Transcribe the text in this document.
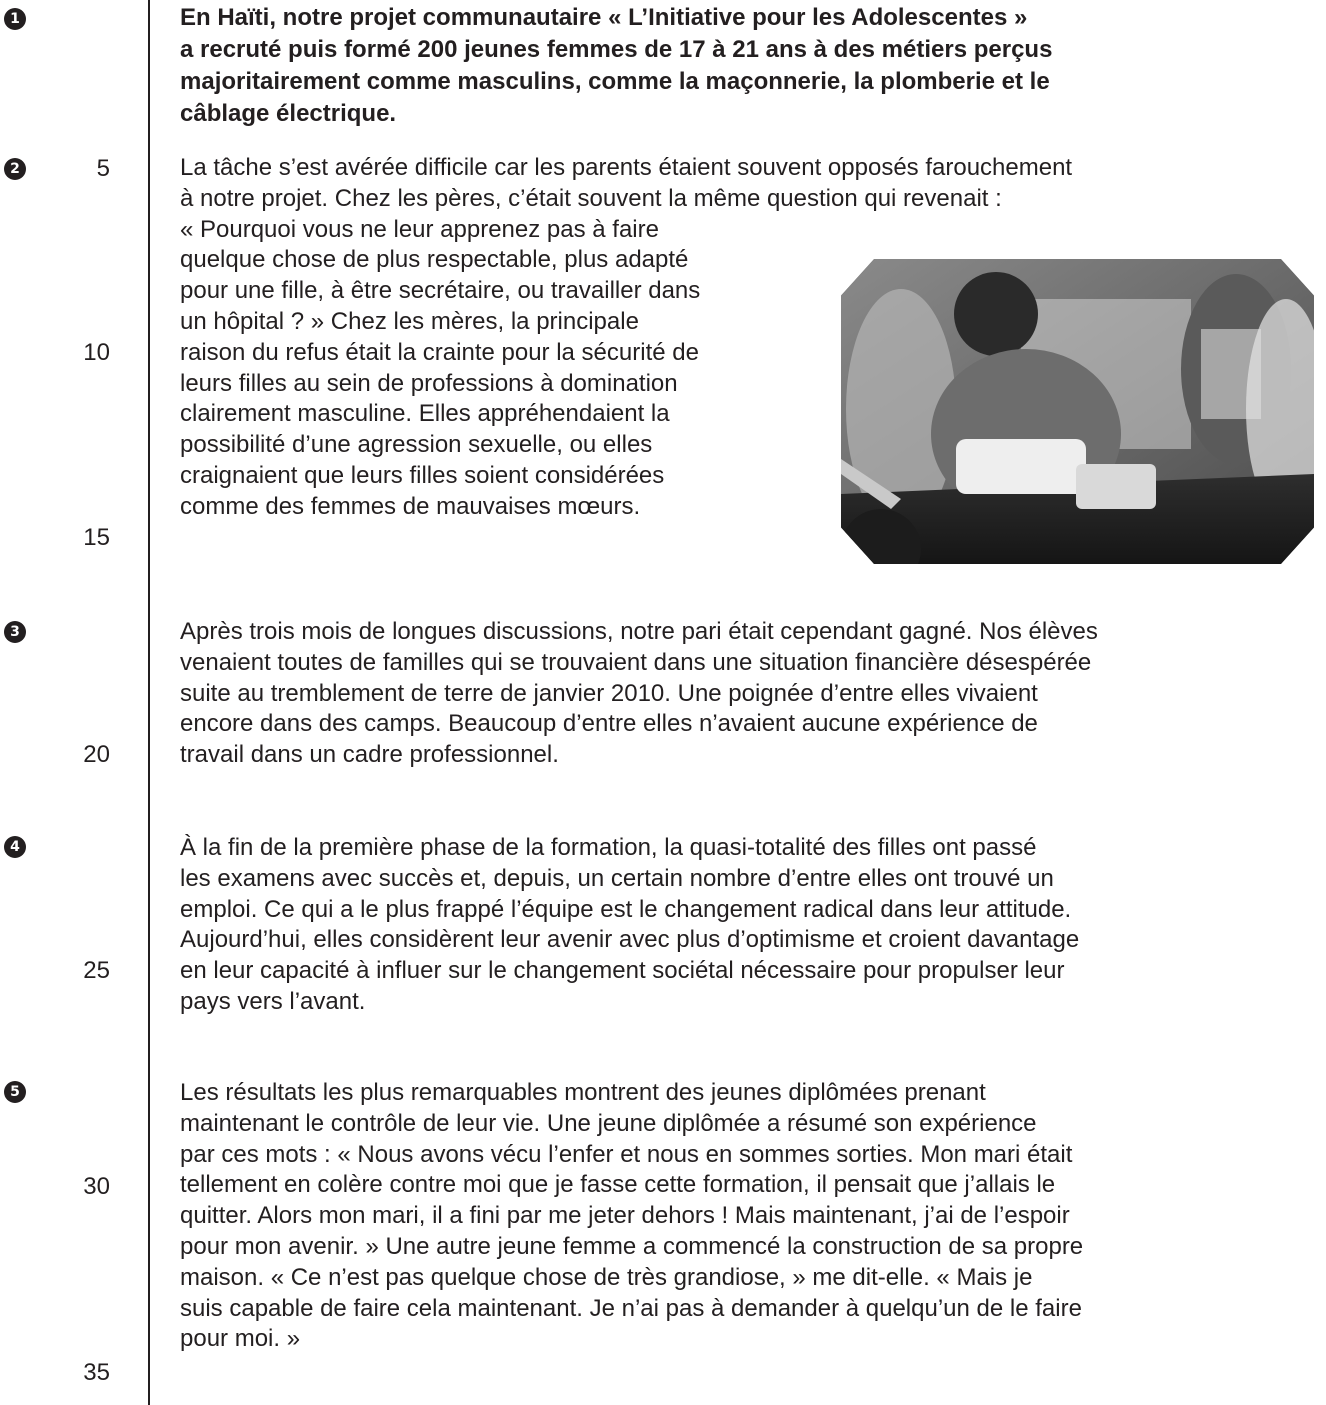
1
2
3
4
5
5
10
15
20
25
30
35
En Haïti, notre projet communautaire « L’Initiative pour les Adolescentes »
a recruté puis formé 200 jeunes femmes de 17 à 21 ans à des métiers perçus
majoritairement comme masculins, comme la maçonnerie, la plomberie et le
câblage électrique.
La tâche s’est avérée difficile car les parents étaient souvent opposés farouchement
à notre projet. Chez les pères, c’était souvent la même question qui revenait :
« Pourquoi vous ne leur apprenez pas à faire
quelque chose de plus respectable, plus adapté
pour une fille, à être secrétaire, ou travailler dans
un hôpital ? » Chez les mères, la principale
raison du refus était la crainte pour la sécurité de
leurs filles au sein de professions à domination
clairement masculine. Elles appréhendaient la
possibilité d’une agression sexuelle, ou elles
craignaient que leurs filles soient considérées
comme des femmes de mauvaises mœurs.
Après trois mois de longues discussions, notre pari était cependant gagné. Nos élèves
venaient toutes de familles qui se trouvaient dans une situation financière désespérée
suite au tremblement de terre de janvier 2010. Une poignée d’entre elles vivaient
encore dans des camps. Beaucoup d’entre elles n’avaient aucune expérience de
travail dans un cadre professionnel.
À la fin de la première phase de la formation, la quasi-totalité des filles ont passé
les examens avec succès et, depuis, un certain nombre d’entre elles ont trouvé un
emploi. Ce qui a le plus frappé l’équipe est le changement radical dans leur attitude.
Aujourd’hui, elles considèrent leur avenir avec plus d’optimisme et croient davantage
en leur capacité à influer sur le changement sociétal nécessaire pour propulser leur
pays vers l’avant.
Les résultats les plus remarquables montrent des jeunes diplômées prenant
maintenant le contrôle de leur vie. Une jeune diplômée a résumé son expérience
par ces mots : « Nous avons vécu l’enfer et nous en sommes sorties. Mon mari était
tellement en colère contre moi que je fasse cette formation, il pensait que j’allais le
quitter. Alors mon mari, il a fini par me jeter dehors ! Mais maintenant, j’ai de l’espoir
pour mon avenir. » Une autre jeune femme a commencé la construction de sa propre
maison. « Ce n’est pas quelque chose de très grandiose, » me dit-elle. « Mais je
suis capable de faire cela maintenant. Je n’ai pas à demander à quelqu’un de le faire
pour moi. »
